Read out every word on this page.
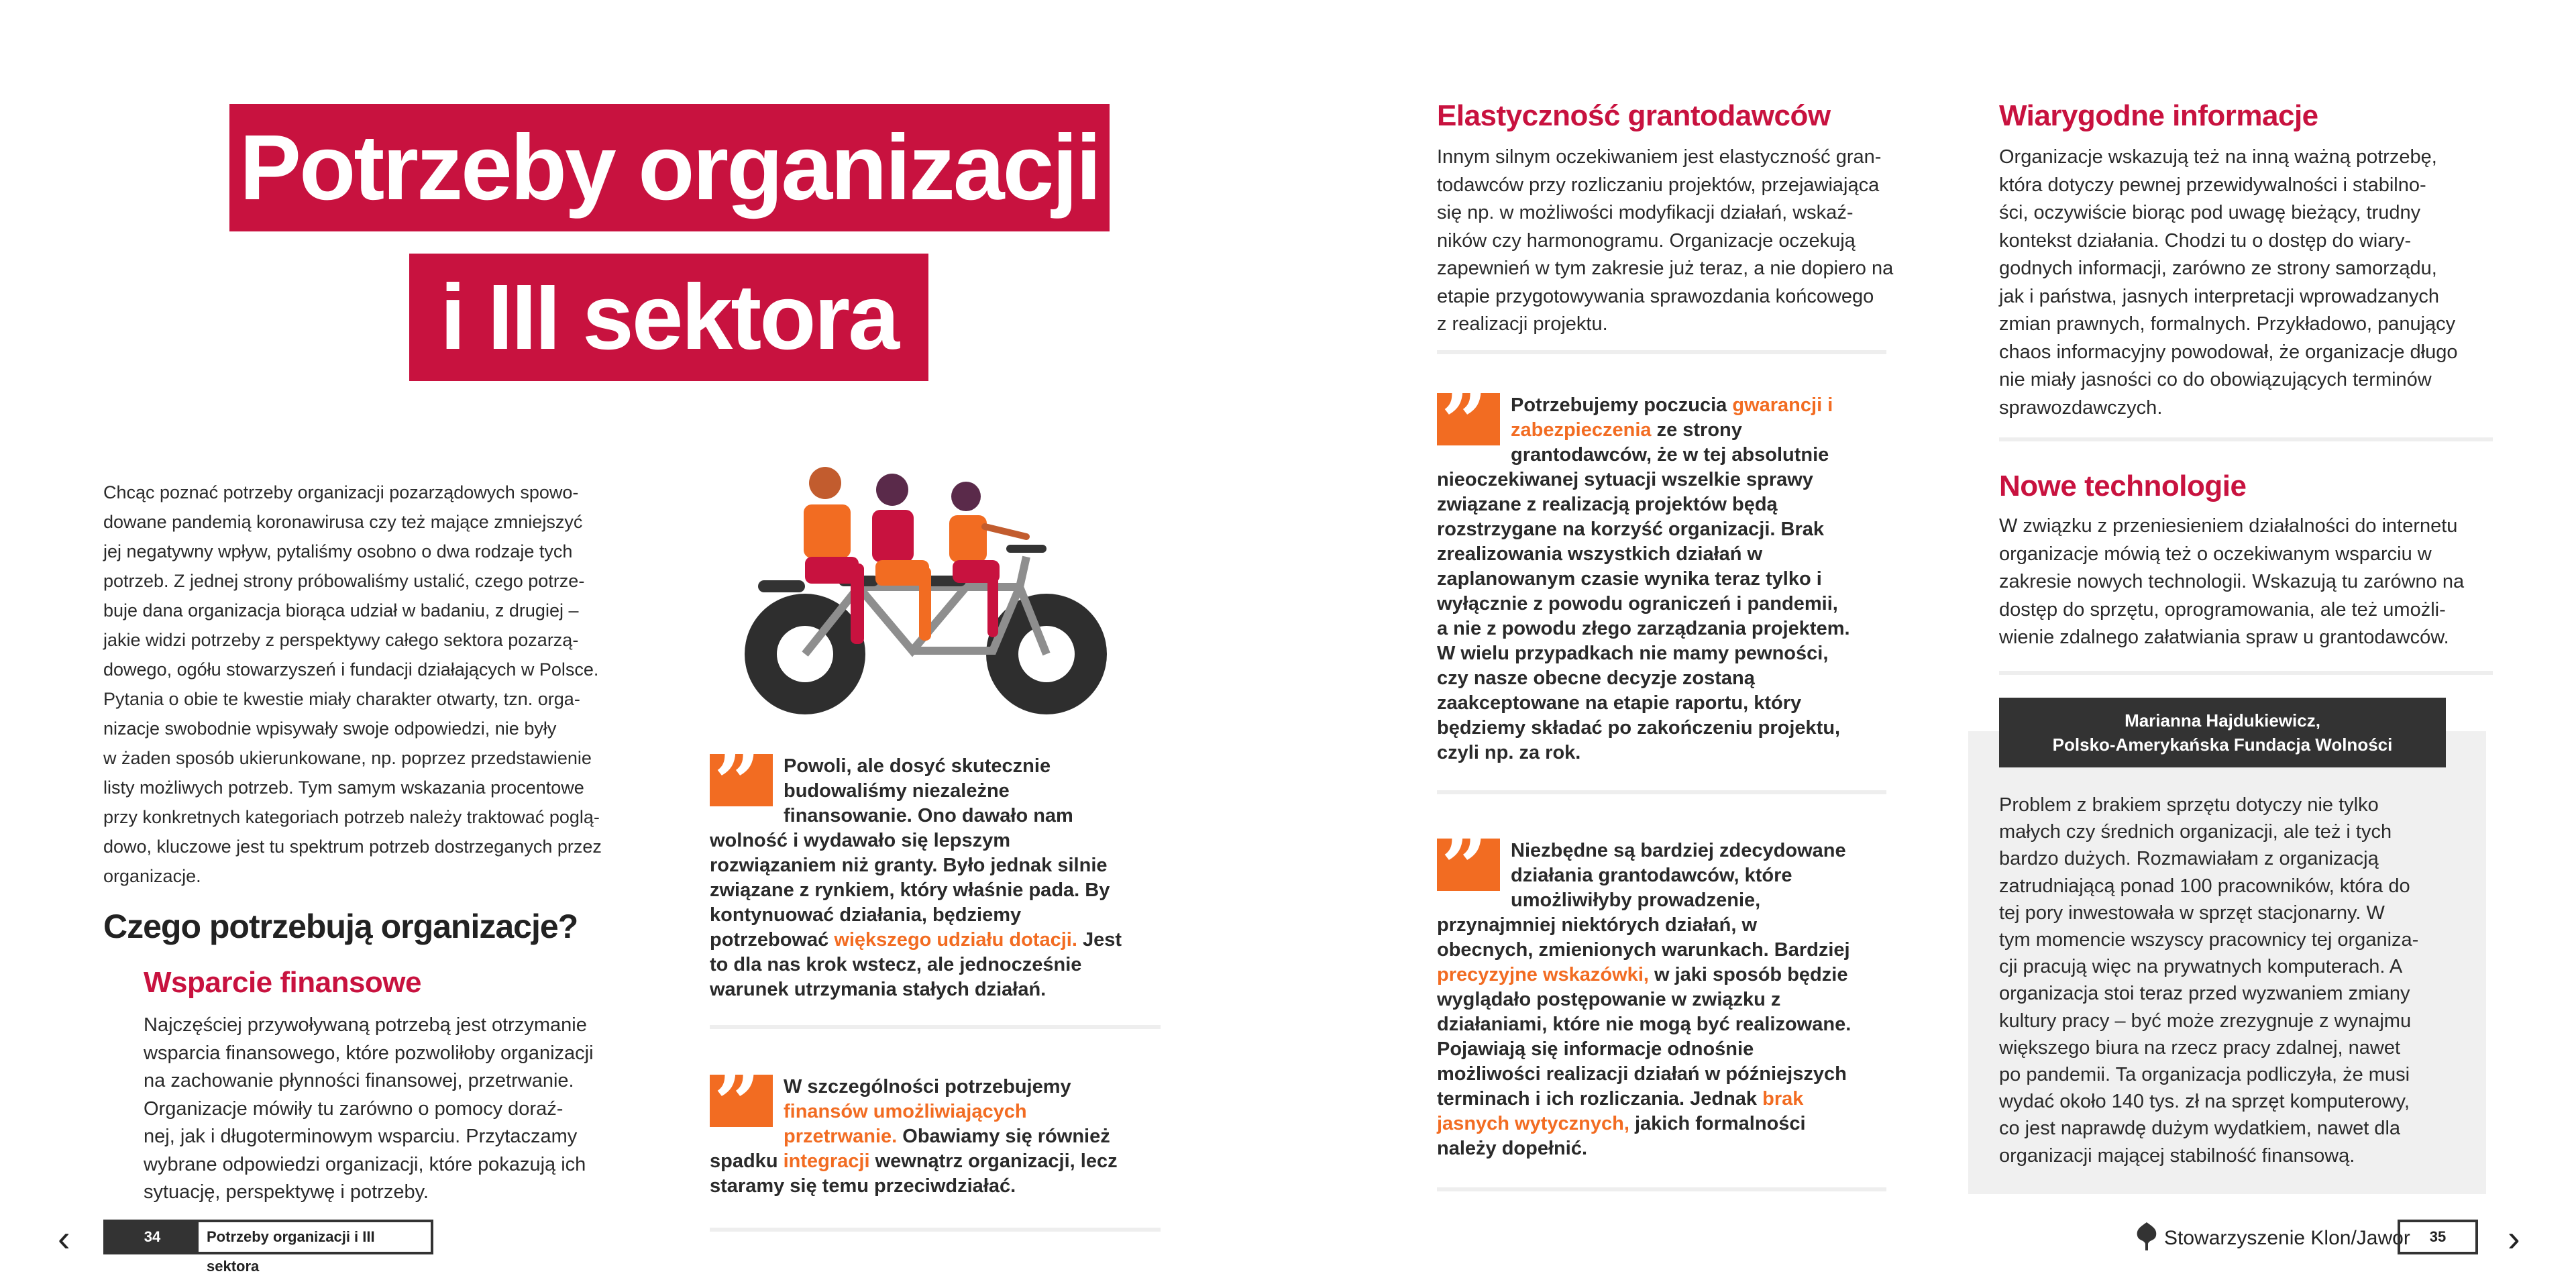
Potrzeby organizacji
i III sektora
Chcąc poznać potrzeby organizacji pozarządowych spowo-
dowane pandemią koronawirusa czy też mające zmniejszyć
jej negatywny wpływ, pytaliśmy osobno o dwa rodzaje tych
potrzeb. Z jednej strony próbowaliśmy ustalić, czego potrze-
buje dana organizacja biorąca udział w badaniu, z drugiej –
jakie widzi potrzeby z perspektywy całego sektora pozarzą-
dowego, ogółu stowarzyszeń i fundacji działających w Polsce.
Pytania o obie te kwestie miały charakter otwarty, tzn. orga-
nizacje swobodnie wpisywały swoje odpowiedzi, nie były
w żaden sposób ukierunkowane, np. poprzez przedstawienie
listy możliwych potrzeb. Tym samym wskazania procentowe
przy konkretnych kategoriach potrzeb należy traktować poglą-
dowo, kluczowe jest tu spektrum potrzeb dostrzeganych przez
organizacje.
Czego potrzebują organizacje?
Wsparcie finansowe
Najczęściej przywoływaną potrzebą jest otrzymanie
wsparcia finansowego, które pozwoliłoby organizacji
na zachowanie płynności finansowej, przetrwanie.
Organizacje mówiły tu zarówno o pomocy doraź-
nej, jak i długoterminowym wsparciu. Przytaczamy
wybrane odpowiedzi organizacji, które pokazują ich
sytuację, perspektywę i potrzeby.
” Powoli, ale dosyć skutecznie budowaliśmy niezależne finansowanie. Ono dawało nam wolność i wydawało się lepszym rozwiązaniem niż granty. Było jednak silnie związane z rynkiem, który właśnie pada. By kontynuować działania, będziemy potrzebować większego udziału dotacji. Jest to dla nas krok wstecz, ale jednocześnie warunek utrzymania stałych działań.
” W szczególności potrzebujemy finansów umożliwiających przetrwanie. Obawiamy się również spadku integracji wewnątrz organizacji, lecz staramy się temu przeciwdziałać.
‹	34	Potrzeby organizacji i III sektora
Elastyczność grantodawców
Innym silnym oczekiwaniem jest elastyczność gran-
todawców przy rozliczaniu projektów, przejawiająca
się np. w możliwości modyfikacji działań, wskaź-
ników czy harmonogramu. Organizacje oczekują
zapewnień w tym zakresie już teraz, a nie dopiero na
etapie przygotowywania sprawozdania końcowego
z realizacji projektu.
” Potrzebujemy poczucia gwarancji i zabezpieczenia ze strony grantodawców, że w tej absolutnie nieoczekiwanej sytuacji wszelkie sprawy związane z realizacją projektów będą rozstrzygane na korzyść organizacji. Brak zrealizowania wszystkich działań w zaplanowanym czasie wynika teraz tylko i wyłącznie z powodu ograniczeń i pandemii, a nie z powodu złego zarządzania projektem. W wielu przypadkach nie mamy pewności, czy nasze obecne decyzje zostaną zaakceptowane na etapie raportu, który będziemy składać po zakończeniu projektu, czyli np. za rok.
” Niezbędne są bardziej zdecydowane działania grantodawców, które umożliwiłyby prowadzenie, przynajmniej niektórych działań, w obecnych, zmienionych warunkach. Bardziej precyzyjne wskazówki, w jaki sposób będzie wyglądało postępowanie w związku z działaniami, które nie mogą być realizowane. Pojawiają się informacje odnośnie możliwości realizacji działań w późniejszych terminach i ich rozliczania. Jednak brak jasnych wytycznych, jakich formalności należy dopełnić.
Wiarygodne informacje
Organizacje wskazują też na inną ważną potrzebę,
która dotyczy pewnej przewidywalności i stabilno-
ści, oczywiście biorąc pod uwagę bieżący, trudny
kontekst działania. Chodzi tu o dostęp do wiary-
godnych informacji, zarówno ze strony samorządu,
jak i państwa, jasnych interpretacji wprowadzanych
zmian prawnych, formalnych. Przykładowo, panujący
chaos informacyjny powodował, że organizacje długo
nie miały jasności co do obowiązujących terminów
sprawozdawczych.
Nowe technologie
W związku z przeniesieniem działalności do internetu
organizacje mówią też o oczekiwanym wsparciu w
zakresie nowych technologii. Wskazują tu zarówno na
dostęp do sprzętu, oprogramowania, ale też umożli-
wienie zdalnego załatwiania spraw u grantodawców.
Marianna Hajdukiewicz,
Polsko-Amerykańska Fundacja Wolności
Problem z brakiem sprzętu dotyczy nie tylko
małych czy średnich organizacji, ale też i tych
bardzo dużych. Rozmawiałam z organizacją
zatrudniającą ponad 100 pracowników, która do
tej pory inwestowała w sprzęt stacjonarny. W
tym momencie wszyscy pracownicy tej organiza-
cji pracują więc na prywatnych komputerach. A
organizacja stoi teraz przed wyzwaniem zmiany
kultury pracy – być może zrezygnuje z wynajmu
większego biura na rzecz pracy zdalnej, nawet
po pandemii. Ta organizacja podliczyła, że musi
wydać około 140 tys. zł na sprzęt komputerowy,
co jest naprawdę dużym wydatkiem, nawet dla
organizacji mającej stabilność finansową.
Stowarzyszenie Klon/Jawor	35	›
